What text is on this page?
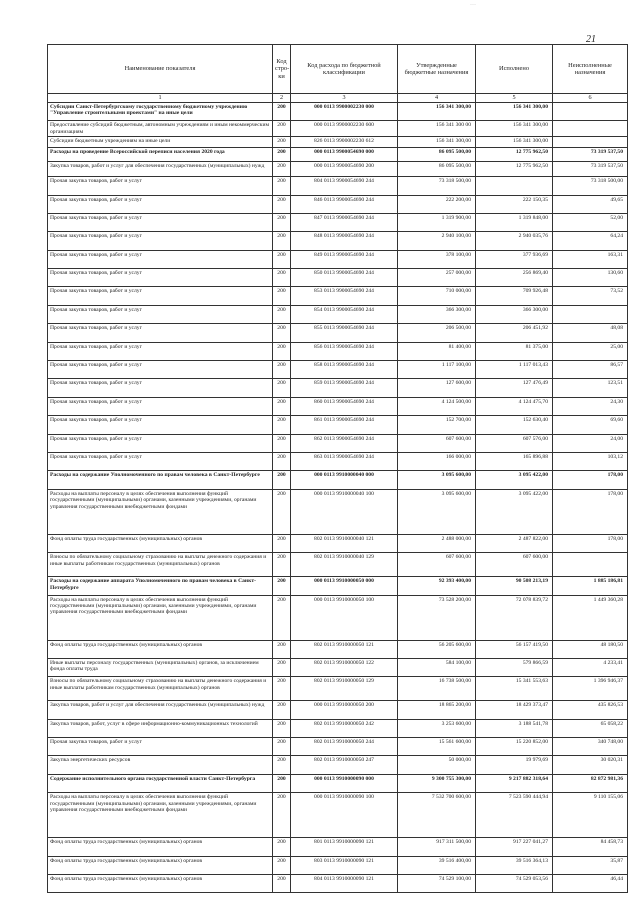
…
21
Наименование показателя	Код стро-ки	Код расхода по бюджетной классификации	Утвержденные бюджетные назначения	Исполнено	Неисполненные назначения
1	2	3	4	5	6
Субсидии Санкт-Петербургскому государственному бюджетному учреждению "Управление строительными проектами" на иные цели	200	000 0113 9900002230 000	156 341 300,00	156 341 300,00	
Предоставление субсидий бюджетным, автономным учреждениям и иным некоммерческим организациям	200	000 0113 9900002230 600	156 341 300 00	156 341 300,00	
Субсидии бюджетным учреждениям на иные цели	200	826 0113 9900002230 612	156 341 300,00	156 341 300,00	
Расходы на проведение Всероссийской переписи населения 2020 года	200	000 0113 9900054690 000	86 095 500,00	12 775 962,50	73 319 537,50
Закупка товаров, работ и услуг для обеспечения государственных (муниципальных) нужд	200	000 0113 9900054690 200	86 095 500,00	12 775 962,50	73 319 537,50
Прочая закупка товаров, работ и услуг	200	804 0113 9900054690 244	73 318 500,00		73 318 500,00
Прочая закупка товаров, работ и услуг	200	846 0113 9900054690 244	222 200,00	222 150,35	49,65
Прочая закупка товаров, работ и услуг	200	847 0113 9900054690 244	1 319 900,00	1 319 848,00	52,00
Прочая закупка товаров, работ и услуг	200	848 0113 9900054690 244	2 940 100,00	2 940 035,76	64,24
Прочая закупка товаров, работ и услуг	200	849 0113 9900054690 244	378 100,00	377 936,69	163,31
Прочая закупка товаров, работ и услуг	200	850 0113 9900054690 244	257 000,00	256 869,40	130,60
Прочая закупка товаров, работ и услуг	200	853 0113 9900054690 244	710 000,00	709 926,48	73,52
Прочая закупка товаров, работ и услуг	200	854 0113 9900054690 244	366 300,00	366 300,00	
Прочая закупка товаров, работ и услуг	200	855 0113 9900054690 244	206 500,00	206 451,92	48,08
Прочая закупка товаров, работ и услуг	200	856 0113 9900054690 244	81 400,00	81 375,00	25,00
Прочая закупка товаров, работ и услуг	200	858 0113 9900054690 244	1 117 100,00	1 117 013,43	86,57
Прочая закупка товаров, работ и услуг	200	859 0113 9900054690 244	127 600,00	127 476,49	123,51
Прочая закупка товаров, работ и услуг	200	860 0113 9900054690 244	4 124 500,00	4 124 475,70	24,30
Прочая закупка товаров, работ и услуг	200	861 0113 9900054690 244	152 700,00	152 630,40	69,60
Прочая закупка товаров, работ и услуг	200	862 0113 9900054690 244	607 600,00	607 576,00	24,00
Прочая закупка товаров, работ и услуг	200	863 0113 9900054690 244	166 000,00	165 896,88	103,12
Расходы на содержание Уполномоченного по правам человека в Санкт-Петербурге	200	000 0113 9910000040 000	3 095 600,00	3 095 422,00	178,00
Расходы на выплаты персоналу в целях обеспечения выполнения функций государственными (муниципальными) органами, казенными учреждениями, органами управления государственными внебюджетными фондами	200	000 0113 9910000040 100	3 095 600,00	3 095 422,00	178,00
Фонд оплаты труда государственных (муниципальных) органов	200	802 0113 9910000040 121	2 488 000,00	2 487 822,00	178,00
Взносы по обязательному социальному страхованию на выплаты денежного содержания и иные выплаты работникам государственных (муниципальных) органов	200	802 0113 9910000040 129	607 600,00	607 600,00	
Расходы на содержание аппарата Уполномоченного по правам человека в Санкт-Петербурге	200	000 0113 9910000050 000	92 393 400,00	90 508 213,19	1 885 186,81
Расходы на выплаты персоналу в целях обеспечения выполнения функций государственными (муниципальными) органами, казенными учреждениями, органами управления государственными внебюджетными фондами	200	000 0113 9910000050 100	73 528 200,00	72 078 839,72	1 449 360,28
Фонд оплаты труда государственных (муниципальных) органов	200	802 0113 9910000050 121	56 205 600,00	56 157 419,50	48 180,50
Иные выплаты персоналу государственных (муниципальных) органов, за исключением фонда оплаты труда	200	802 0113 9910000050 122	584 100,00	579 866,59	4 233,41
Взносы по обязательному социальному страхованию на выплаты денежного содержания и иные выплаты работникам государственных (муниципальных) органов	200	802 0113 9910000050 129	16 738 500,00	15 341 553,63	1 396 946,37
Закупка товаров, работ и услуг для обеспечения государственных (муниципальных) нужд	200	000 0113 9910000050 200	18 865 200,00	18 429 373,47	435 826,53
Закупка товаров, работ, услуг в сфере информационно-коммуникационных технологий	200	802 0113 9910000050 242	3 253 600,00	3 188 541,78	65 058,22
Прочая закупка товаров, работ и услуг	200	802 0113 9910000050 244	15 561 600,00	15 220 852,00	340 748,00
Закупка энергетических ресурсов	200	802 0113 9910000050 247	50 000,00	19 979,69	30 020,31
Содержание исполнительного органа государственной власти Санкт-Петербурга	200	000 0113 9910000090 000	9 300 755 300,00	9 217 882 318,64	82 872 981,36
Расходы на выплаты персоналу в целях обеспечения выполнения функций государственными (муниципальными) органами, казенными учреждениями, органами управления государственными внебюджетными фондами	200	000 0113 9910000090 100	7 532 700 600,00	7 523 590 444,94	9 110 155,06
Фонд оплаты труда государственных (муниципальных) органов	200	801 0113 9910000090 121	917 311 500,00	917 227 041,27	84 458,73
Фонд оплаты труда государственных (муниципальных) органов	200	803 0113 9910000090 121	39 516 400,00	39 516 364,13	35,87
Фонд оплаты труда государственных (муниципальных) органов	200	804 0113 9910000090 121	74 529 100,00	74 529 053,56	46,44
